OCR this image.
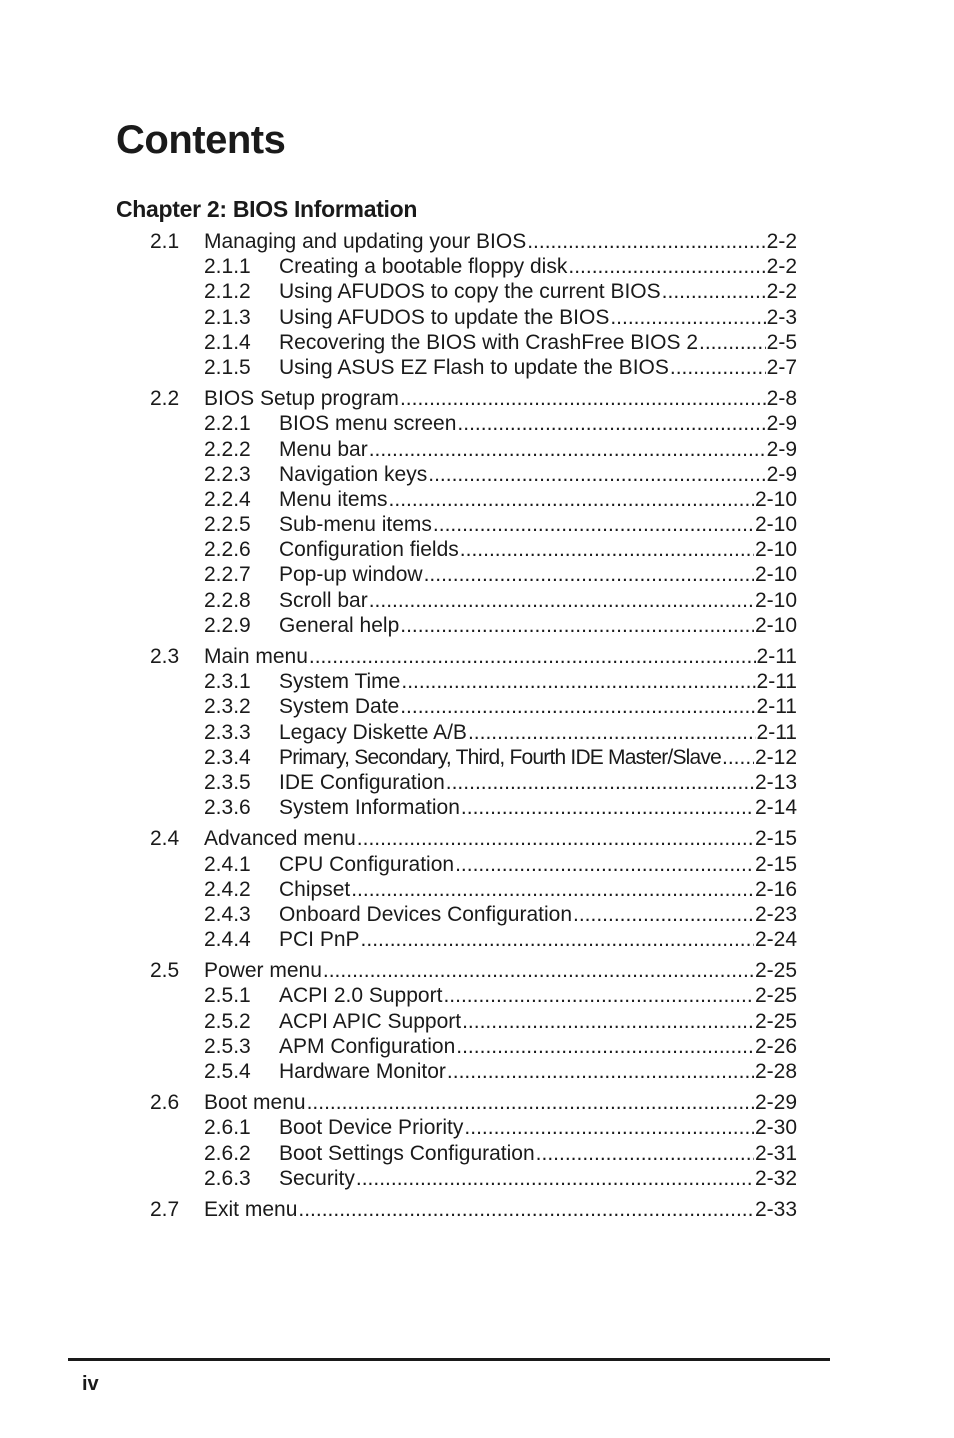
Contents
Chapter 2: BIOS Information
2.1 Managing and updating your BIOS .....	2-2
2.1.1 Creating a bootable floppy disk .....	2-2
2.1.2 Using AFUDOS to copy the current BIOS .....	2-2
2.1.3 Using AFUDOS to update the BIOS .....	2-3
2.1.4 Recovering the BIOS with CrashFree BIOS 2 .....	2-5
2.1.5 Using ASUS EZ Flash to update the BIOS .....	2-7
2.2 BIOS Setup program .....	2-8
2.2.1 BIOS menu screen .....	2-9
2.2.2 Menu bar .....	2-9
2.2.3 Navigation keys .....	2-9
2.2.4 Menu items .....	2-10
2.2.5 Sub-menu items .....	2-10
2.2.6 Configuration fields .....	2-10
2.2.7 Pop-up window .....	2-10
2.2.8 Scroll bar .....	2-10
2.2.9 General help .....	2-10
2.3 Main menu .....	2-11
2.3.1 System Time .....	2-11
2.3.2 System Date .....	2-11
2.3.3 Legacy Diskette A/B .....	2-11
2.3.4 Primary, Secondary, Third, Fourth IDE Master/Slave ..... 2-12
2.3.5 IDE Configuration .....	2-13
2.3.6 System Information .....	2-14
2.4 Advanced menu .....	2-15
2.4.1 CPU Configuration .....	2-15
2.4.2 Chipset .....	2-16
2.4.3 Onboard Devices Configuration .....	2-23
2.4.4 PCI PnP .....	2-24
2.5 Power menu .....	2-25
2.5.1 ACPI 2.0 Support .....	2-25
2.5.2 ACPI APIC Support .....	2-25
2.5.3 APM Configuration .....	2-26
2.5.4 Hardware Monitor .....	2-28
2.6 Boot menu .....	2-29
2.6.1 Boot Device Priority .....	2-30
2.6.2 Boot Settings Configuration .....	2-31
2.6.3 Security .....	2-32
2.7 Exit menu .....	2-33
iv
